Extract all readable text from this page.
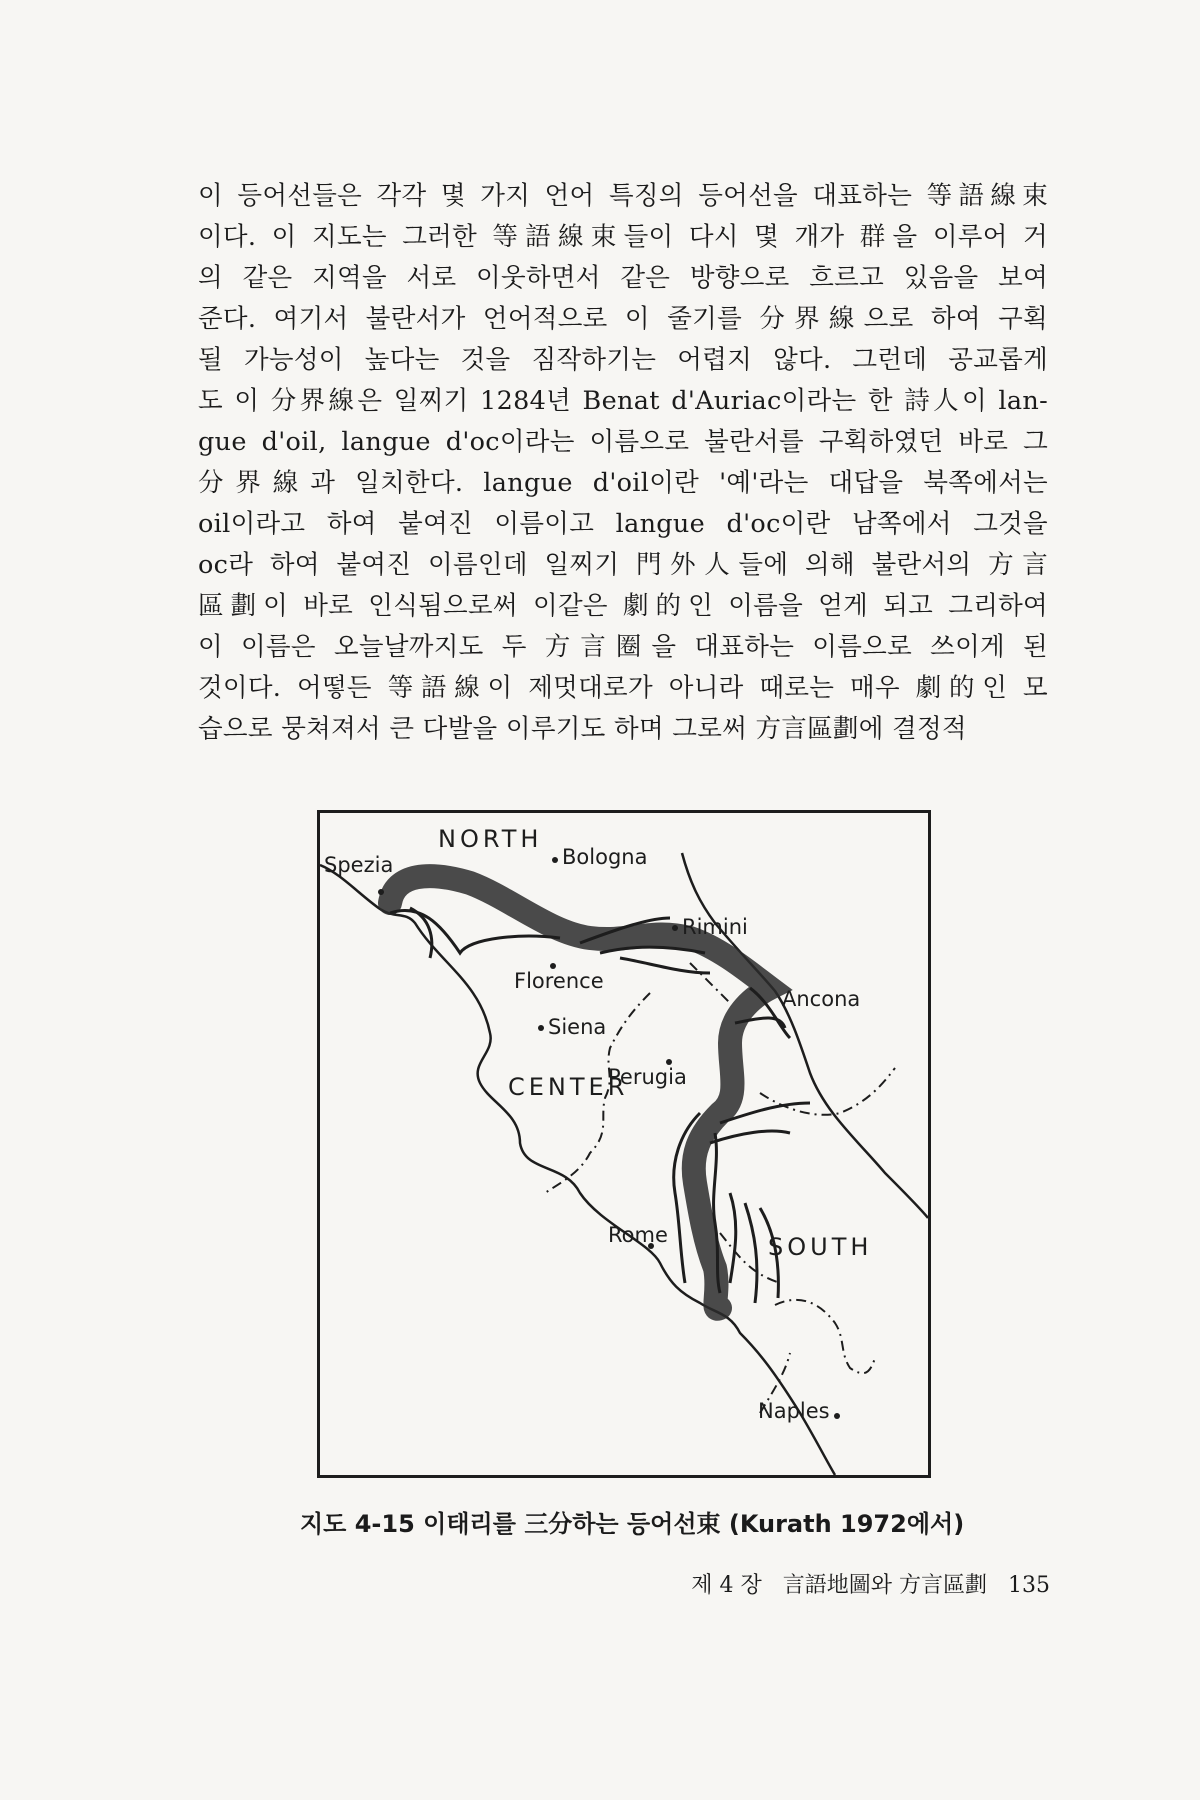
이 등어선들은 각각 몇 가지 언어 특징의 등어선을 대표하는 等語線束
이다. 이 지도는 그러한 等語線束들이 다시 몇 개가 群을 이루어 거
의 같은 지역을 서로 이웃하면서 같은 방향으로 흐르고 있음을 보여
준다. 여기서 불란서가 언어적으로 이 줄기를 分界線으로 하여 구획
될 가능성이 높다는 것을 짐작하기는 어렵지 않다. 그런데 공교롭게
도 이 分界線은 일찌기 1284년 Benat d'Auriac이라는 한 詩人이 lan-
gue d'oil, langue d'oc이라는 이름으로 불란서를 구획하였던 바로 그
分界線과 일치한다. langue d'oil이란 '예'라는 대답을 북쪽에서는
oil이라고 하여 붙여진 이름이고 langue d'oc이란 남쪽에서 그것을
oc라 하여 붙여진 이름인데 일찌기 門外人들에 의해 불란서의 方言
區劃이 바로 인식됨으로써 이같은 劇的인 이름을 얻게 되고 그리하여
이 이름은 오늘날까지도 두 方言圈을 대표하는 이름으로 쓰이게 된
것이다. 어떻든 等語線이 제멋대로가 아니라 때로는 매우 劇的인 모
습으로 뭉쳐져서 큰 다발을 이루기도 하며 그로써 方言區劃에 결정적
NORTH
CENTER
SOUTH
Bologna
Spezia
Rimini
Florence
Ancona
Siena
Perugia
Rome
Naples
지도 4-15 이태리를 三分하는 등어선束 (Kurath 1972에서)
제 4 장 言語地圖와 方言區劃 135
